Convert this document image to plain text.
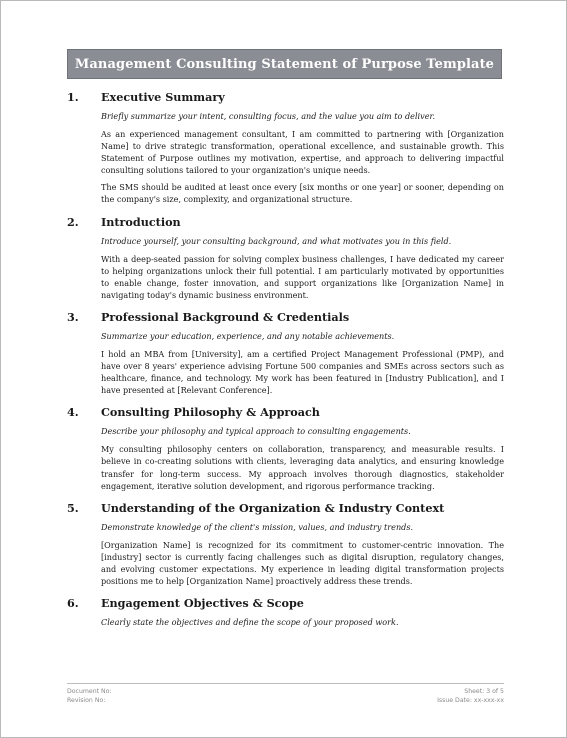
Management Consulting Statement of Purpose Template
1.	Executive Summary

Briefly summarize your intent, consulting focus, and the value you aim to deliver.

As an experienced management consultant, I am committed to partnering with [Organization Name] to drive strategic transformation, operational excellence, and sustainable growth. This Statement of Purpose outlines my motivation, expertise, and approach to delivering impactful consulting solutions tailored to your organization's unique needs.

The SMS should be audited at least once every [six months or one year] or sooner, depending on the company's size, complexity, and organizational structure.

2.	Introduction

Introduce yourself, your consulting background, and what motivates you in this field.

With a deep-seated passion for solving complex business challenges, I have dedicated my career to helping organizations unlock their full potential. I am particularly motivated by opportunities to enable change, foster innovation, and support organizations like [Organization Name] in navigating today's dynamic business environment.

3.	Professional Background & Credentials

Summarize your education, experience, and any notable achievements.

I hold an MBA from [University], am a certified Project Management Professional (PMP), and have over 8 years' experience advising Fortune 500 companies and SMEs across sectors such as healthcare, finance, and technology. My work has been featured in [Industry Publication], and I have presented at [Relevant Conference].

4.	Consulting Philosophy & Approach

Describe your philosophy and typical approach to consulting engagements.

My consulting philosophy centers on collaboration, transparency, and measurable results. I believe in co-creating solutions with clients, leveraging data analytics, and ensuring knowledge transfer for long-term success. My approach involves thorough diagnostics, stakeholder engagement, iterative solution development, and rigorous performance tracking.

5.	Understanding of the Organization & Industry Context

Demonstrate knowledge of the client's mission, values, and industry trends.

[Organization Name] is recognized for its commitment to customer-centric innovation. The [industry] sector is currently facing challenges such as digital disruption, regulatory changes, and evolving customer expectations. My experience in leading digital transformation projects positions me to help [Organization Name] proactively address these trends.

6.	Engagement Objectives & Scope

Clearly state the objectives and define the scope of your proposed work.

Document No:	Sheet: 3 of 5
Revision No:	Issue Date: xx-xxx-xx
